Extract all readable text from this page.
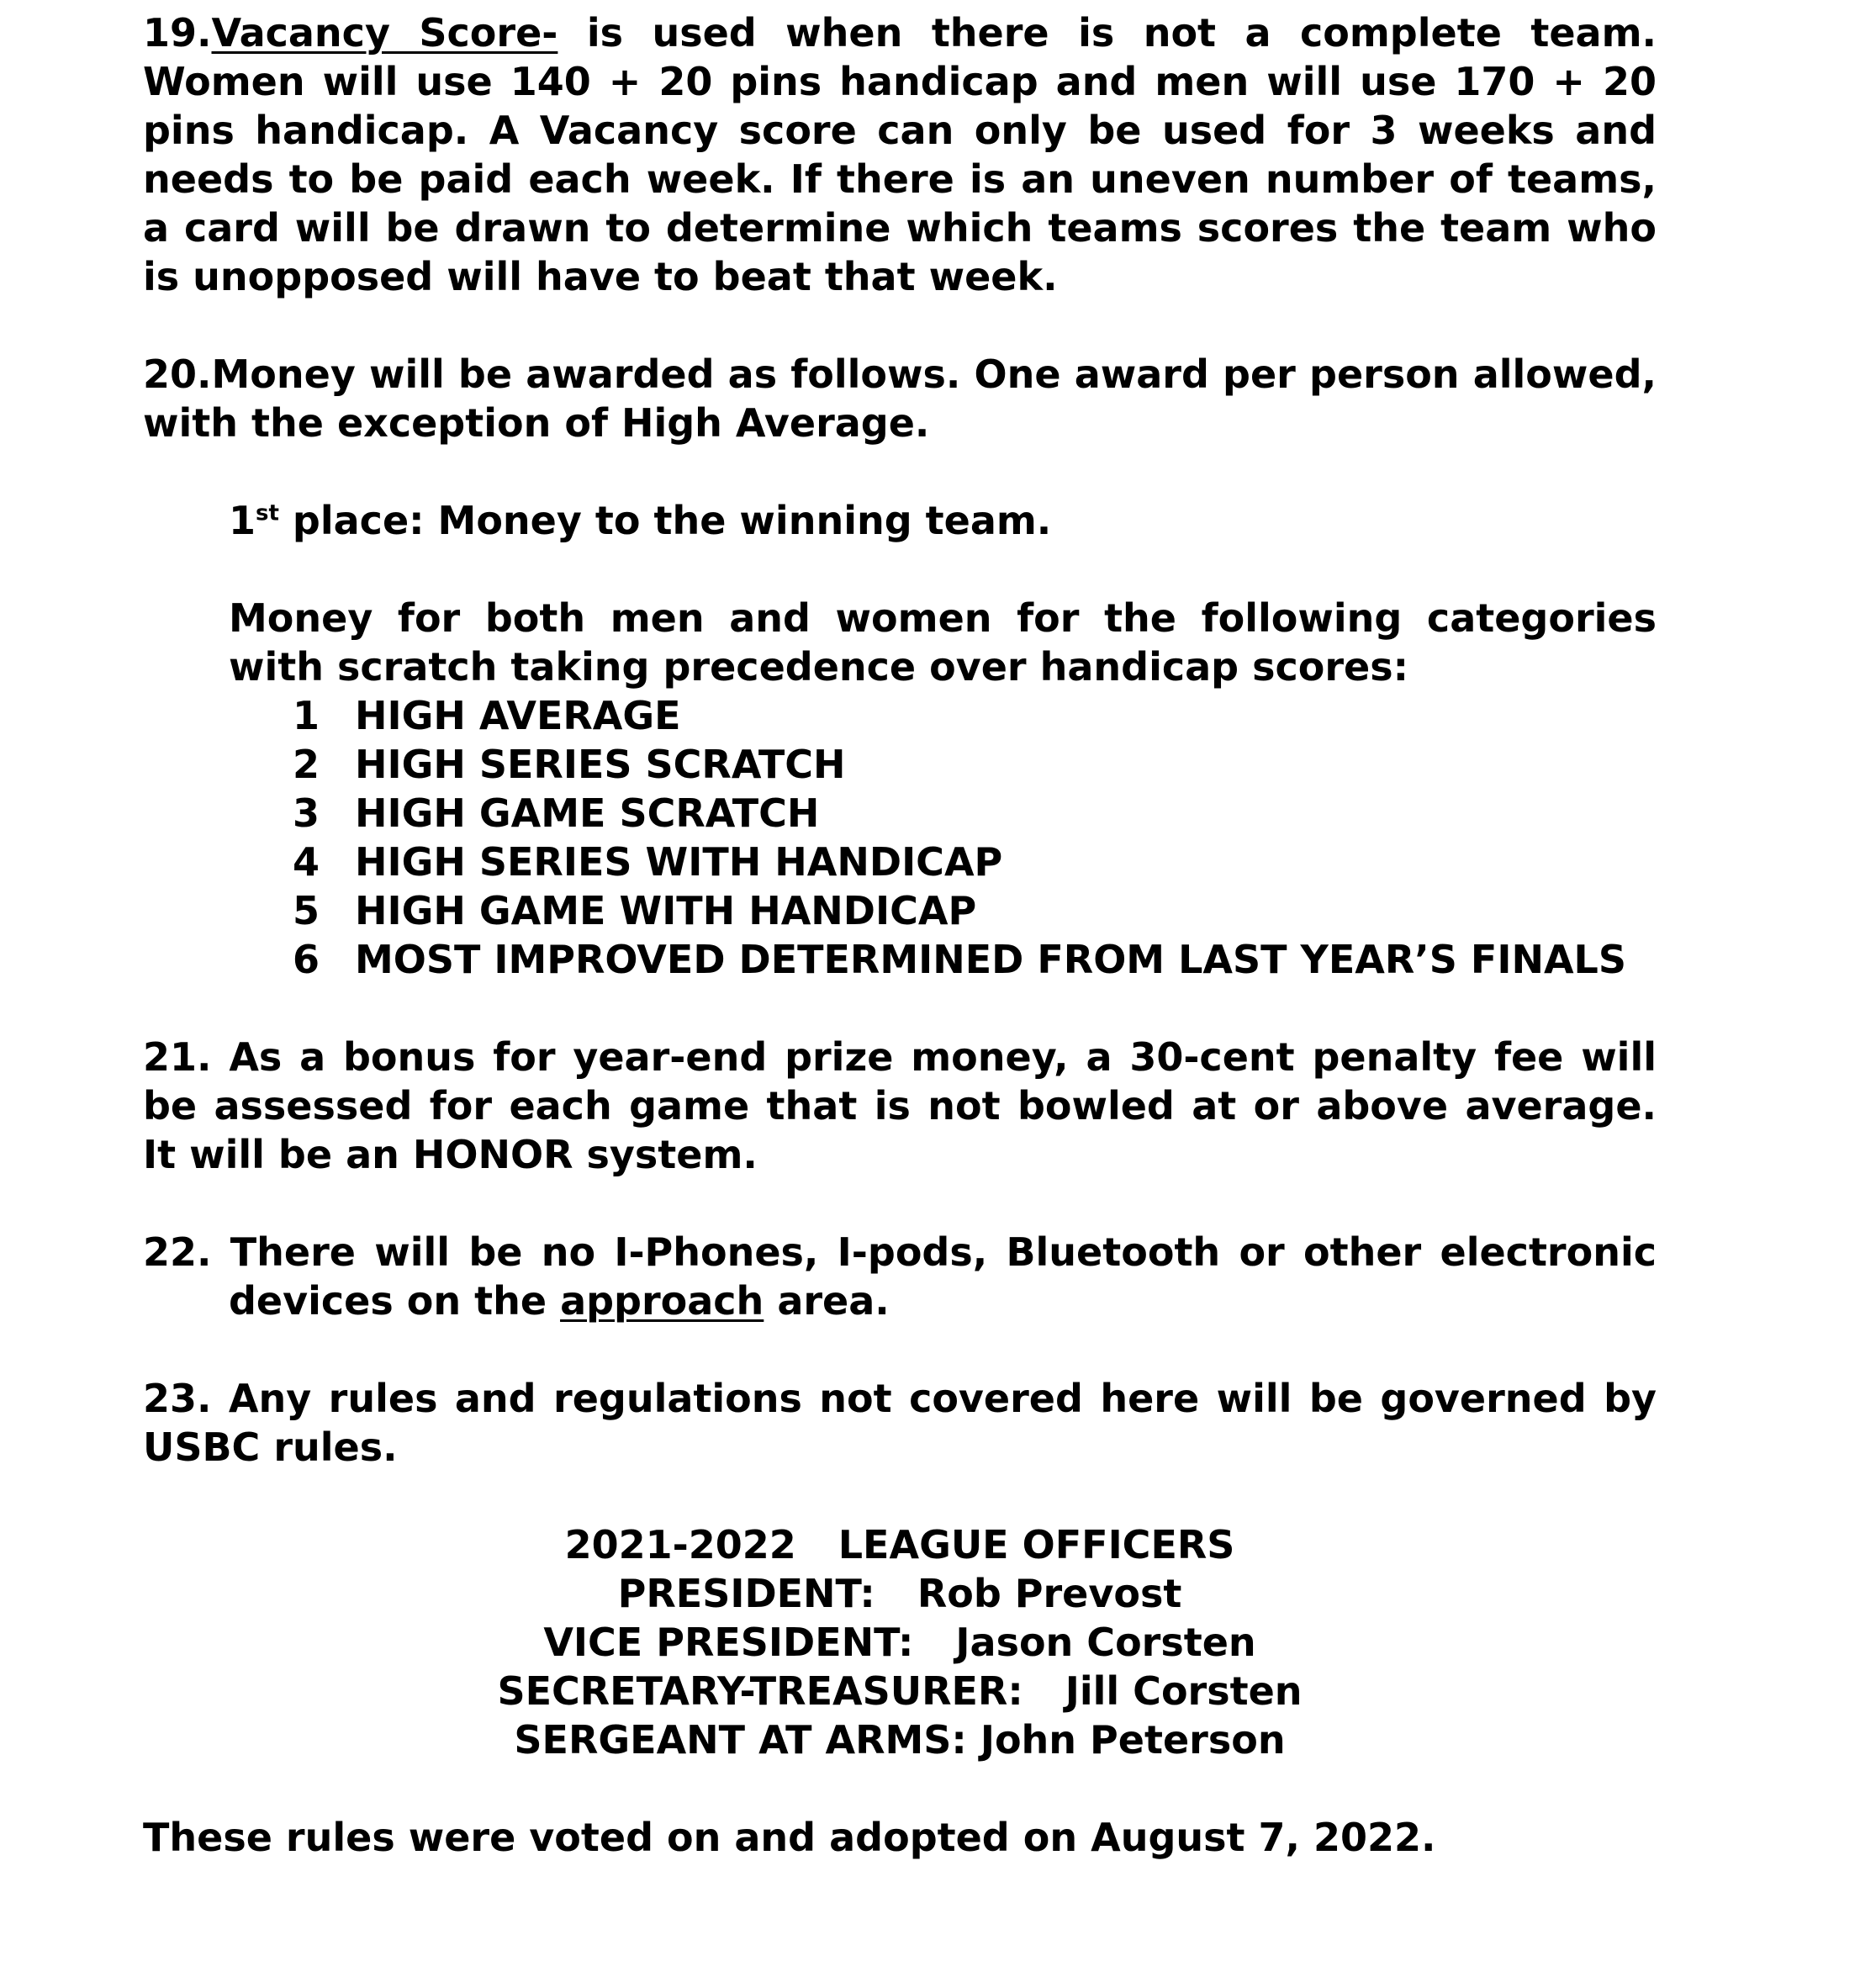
19.Vacancy Score- is used when there is not a complete team. Women will use 140 + 20 pins handicap and men will use 170 + 20 pins handicap. A Vacancy score can only be used for 3 weeks and needs to be paid each week. If there is an uneven number of teams, a card will be drawn to determine which teams scores the team who is unopposed will have to beat that week.

20.Money will be awarded as follows. One award per person allowed, with the exception of High Average.

1st place: Money to the winning team.

Money for both men and women for the following categories with scratch taking precedence over handicap scores:

1 HIGH AVERAGE
2 HIGH SERIES SCRATCH
3 HIGH GAME SCRATCH
4 HIGH SERIES WITH HANDICAP
5 HIGH GAME WITH HANDICAP
6 MOST IMPROVED DETERMINED FROM LAST YEAR’S FINALS

21. As a bonus for year-end prize money, a 30-cent penalty fee will be assessed for each game that is not bowled at or above average. It will be an HONOR system.

22. There will be no I-Phones, I-pods, Bluetooth or other electronic devices on the approach area.

23. Any rules and regulations not covered here will be governed by USBC rules.

2021-2022 LEAGUE OFFICERS
PRESIDENT: Rob Prevost
VICE PRESIDENT: Jason Corsten
SECRETARY-TREASURER: Jill Corsten
SERGEANT AT ARMS: John Peterson

These rules were voted on and adopted on August 7, 2022.
